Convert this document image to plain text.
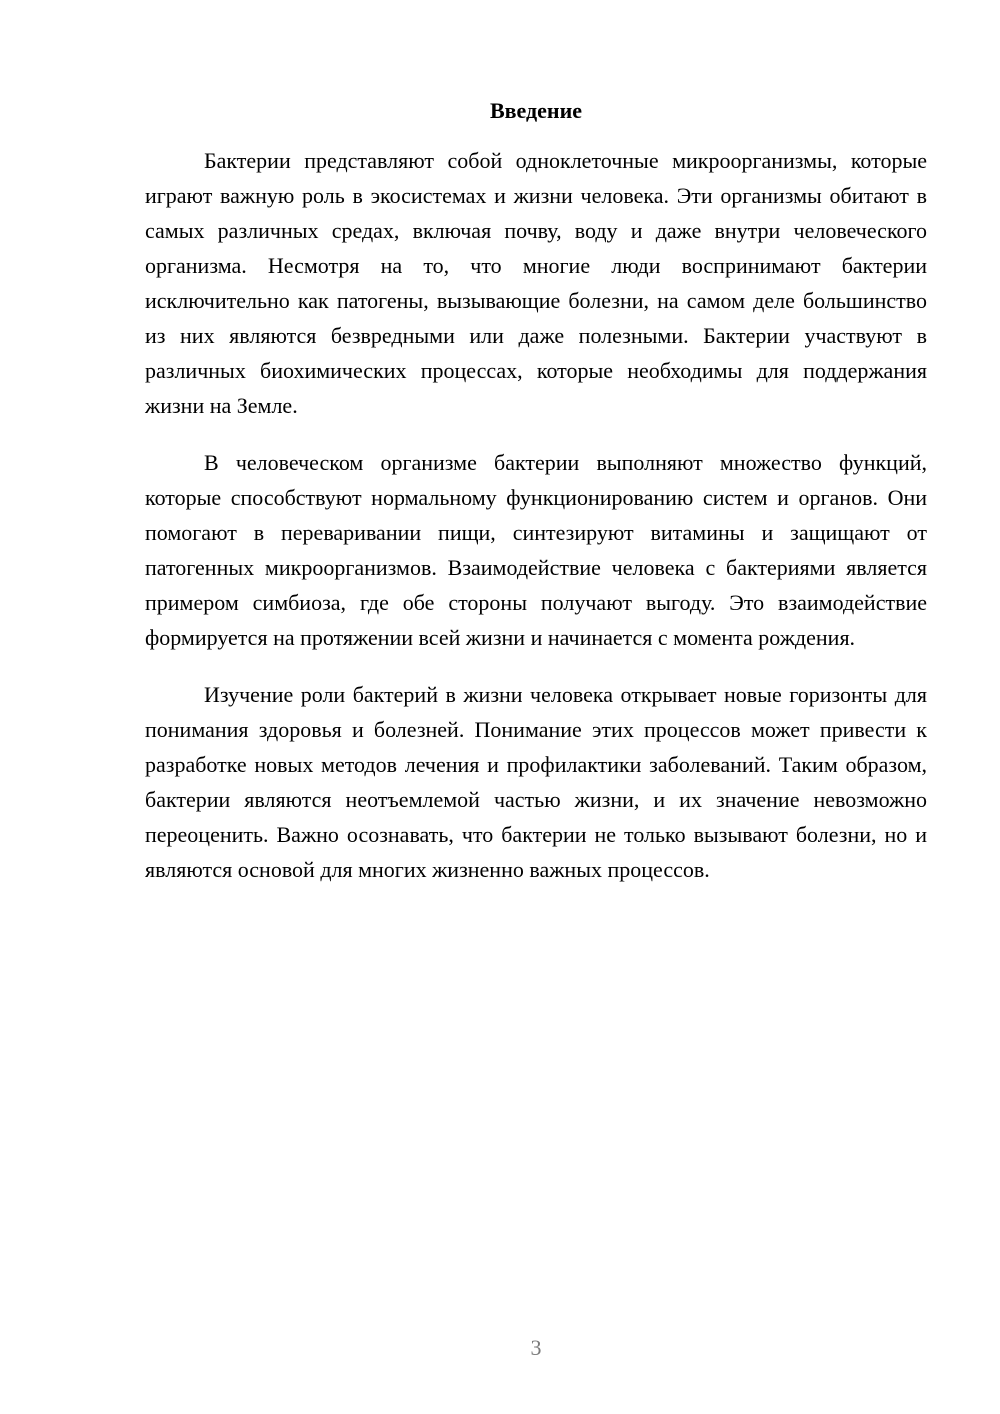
Введение

Бактерии представляют собой одноклеточные микроорганизмы, которые играют важную роль в экосистемах и жизни человека. Эти организмы обитают в самых различных средах, включая почву, воду и даже внутри человеческого организма. Несмотря на то, что многие люди воспринимают бактерии исключительно как патогены, вызывающие болезни, на самом деле большинство из них являются безвредными или даже полезными. Бактерии участвуют в различных биохимических процессах, которые необходимы для поддержания жизни на Земле.

В человеческом организме бактерии выполняют множество функций, которые способствуют нормальному функционированию систем и органов. Они помогают в переваривании пищи, синтезируют витамины и защищают от патогенных микроорганизмов. Взаимодействие человека с бактериями является примером симбиоза, где обе стороны получают выгоду. Это взаимодействие формируется на протяжении всей жизни и начинается с момента рождения.

Изучение роли бактерий в жизни человека открывает новые горизонты для понимания здоровья и болезней. Понимание этих процессов может привести к разработке новых методов лечения и профилактики заболеваний. Таким образом, бактерии являются неотъемлемой частью жизни, и их значение невозможно переоценить. Важно осознавать, что бактерии не только вызывают болезни, но и являются основой для многих жизненно важных процессов.

3
